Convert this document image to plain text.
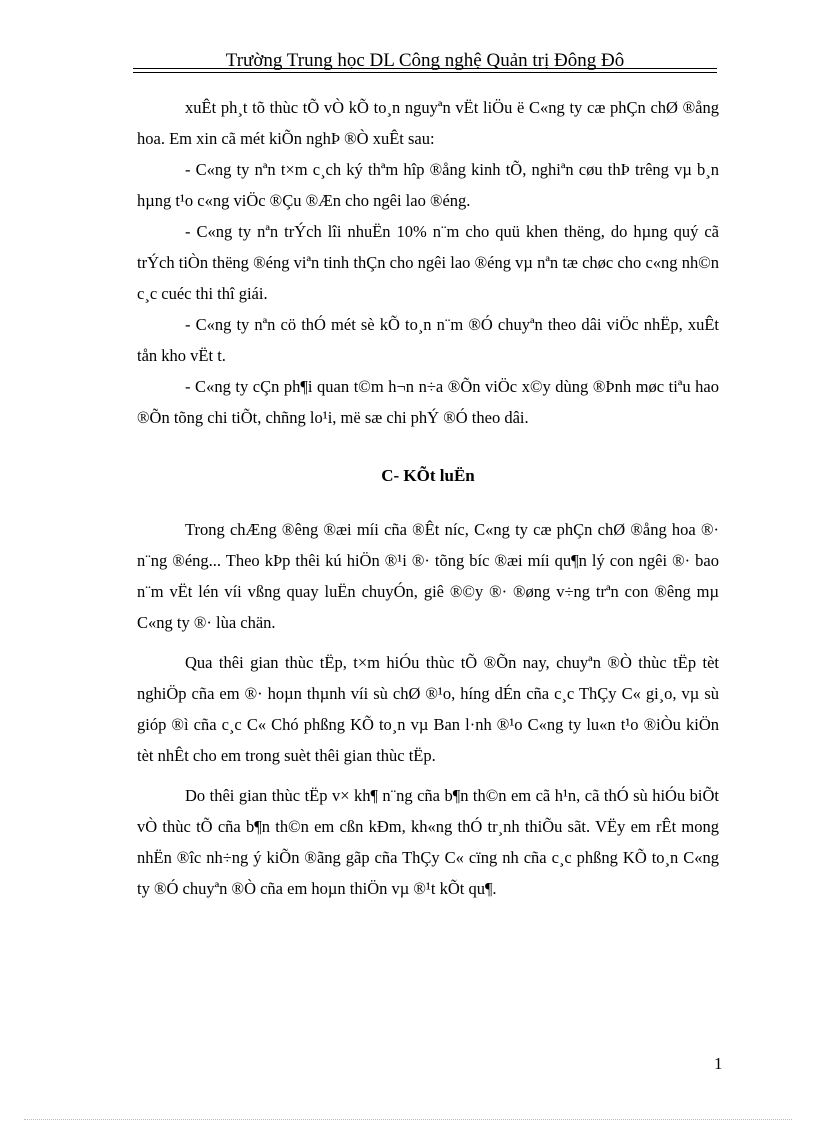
Trường Trung học DL Công nghệ Quản trị Đông Đô

xuÊt ph¸t tõ thùc tÕ vÒ kÕ to¸n nguyªn vËt liÖu ë C«ng ty cæ phÇn chØ ®ång hoa. Em xin cã mét kiÕn nghÞ ®Ò xuÊt sau:

- C«ng ty nªn t×m c¸ch ký thªm hîp ®ång kinh tÕ, nghiªn cøu thÞ trêng vµ b¸n hµng t¹o c«ng viÖc ®Çu ®Æn cho ngêi lao ®éng.

- C«ng ty nªn trÝch lîi nhuËn 10% n¨m cho quü khen thëng, do hµng quý cã trÝch tiÒn thëng ®éng viªn tinh thÇn cho ngêi lao ®éng vµ nªn tæ chøc cho c«ng nh©n c¸c cuéc thi thî giái.

- C«ng ty nªn cö thÓ mét sè kÕ to¸n n¨m ®Ó chuyªn theo dâi viÖc nhËp, xuÊt tån kho vËt t.

- C«ng ty cÇn ph¶i quan t©m h¬n n÷a ®Õn viÖc x©y dùng ®Þnh møc tiªu hao ®Õn tõng chi tiÕt, chñng lo¹i, më sæ chi phÝ ®Ó theo dâi.

C- KÕt luËn

Trong chÆng ®êng ®æi míi cña ®Êt níc, C«ng ty cæ phÇn chØ ®ång hoa ®· n¨ng ®éng... Theo kÞp thêi kú hiÖn ®¹i ®· tõng bíc ®æi míi qu¶n lý con ngêi ®· bao n¨m vËt lén víi vßng quay luËn chuyÓn, giê ®©y ®· ®øng v÷ng trªn con ®êng mµ C«ng ty ®· lùa chän.

Qua thêi gian thùc tËp, t×m hiÓu thùc tÕ ®Õn nay, chuyªn ®Ò thùc tËp tèt nghiÖp cña em ®· hoµn thµnh víi sù chØ ®¹o, híng dÉn cña c¸c ThÇy C« gi¸o, vµ sù gióp ®ì cña c¸c C« Chó phßng KÕ to¸n vµ Ban l·nh ®¹o C«ng ty lu«n t¹o ®iÒu kiÖn tèt nhÊt cho em trong suèt thêi gian thùc tËp.

Do thêi gian thùc tËp v× kh¶ n¨ng cña b¶n th©n em cã h¹n, cã thÓ sù hiÓu biÕt vÒ thùc tÕ cña b¶n th©n em cßn kÐm, kh«ng thÓ tr¸nh thiÕu sãt. VËy em rÊt mong nhËn ®îc nh÷ng ý kiÕn ®ãng gãp cña ThÇy C« cïng nh cña c¸c phßng KÕ to¸n C«ng ty ®Ó chuyªn ®Ò cña em hoµn thiÖn vµ ®¹t kÕt qu¶.

1
